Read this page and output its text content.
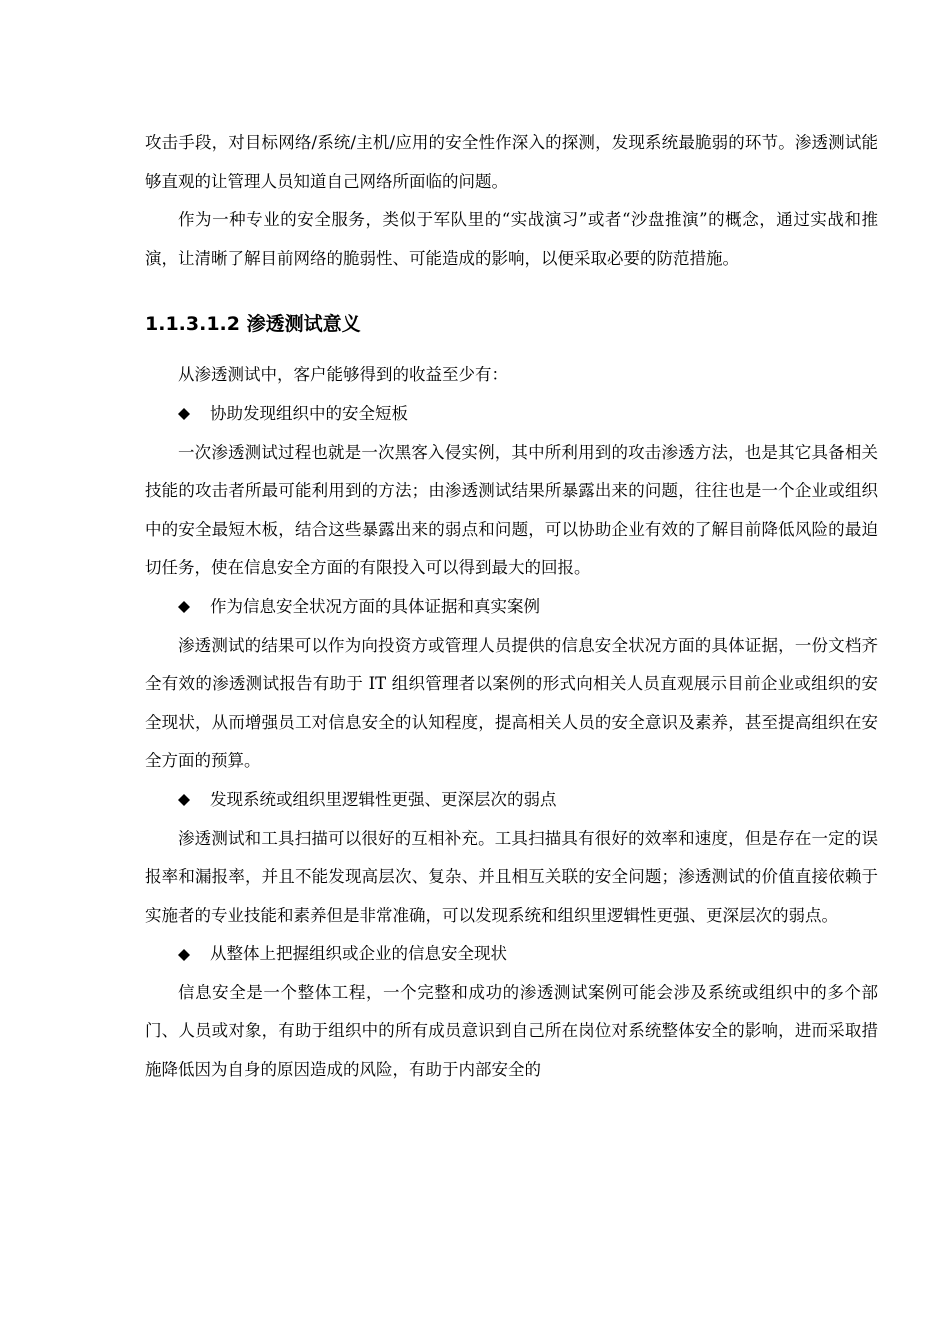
攻击手段，对目标网络/系统/主机/应用的安全性作深入的探测，发现系统最脆弱的环节。渗透测试能够直观的让管理人员知道自己网络所面临的问题。

作为一种专业的安全服务，类似于军队里的“实战演习”或者“沙盘推演”的概念，通过实战和推演，让清晰了解目前网络的脆弱性、可能造成的影响，以便采取必要的防范措施。

1.1.3.1.2 渗透测试意义

从渗透测试中，客户能够得到的收益至少有：

协助发现组织中的安全短板

一次渗透测试过程也就是一次黑客入侵实例，其中所利用到的攻击渗透方法，也是其它具备相关技能的攻击者所最可能利用到的方法；由渗透测试结果所暴露出来的问题，往往也是一个企业或组织中的安全最短木板，结合这些暴露出来的弱点和问题，可以协助企业有效的了解目前降低风险的最迫切任务，使在信息安全方面的有限投入可以得到最大的回报。

作为信息安全状况方面的具体证据和真实案例

渗透测试的结果可以作为向投资方或管理人员提供的信息安全状况方面的具体证据，一份文档齐全有效的渗透测试报告有助于 IT 组织管理者以案例的形式向相关人员直观展示目前企业或组织的安全现状，从而增强员工对信息安全的认知程度，提高相关人员的安全意识及素养，甚至提高组织在安全方面的预算。

发现系统或组织里逻辑性更强、更深层次的弱点

渗透测试和工具扫描可以很好的互相补充。工具扫描具有很好的效率和速度，但是存在一定的误报率和漏报率，并且不能发现高层次、复杂、并且相互关联的安全问题；渗透测试的价值直接依赖于实施者的专业技能和素养但是非常准确，可以发现系统和组织里逻辑性更强、更深层次的弱点。

从整体上把握组织或企业的信息安全现状

信息安全是一个整体工程，一个完整和成功的渗透测试案例可能会涉及系统或组织中的多个部门、人员或对象，有助于组织中的所有成员意识到自己所在岗位对系统整体安全的影响，进而采取措施降低因为自身的原因造成的风险，有助于内部安全的
